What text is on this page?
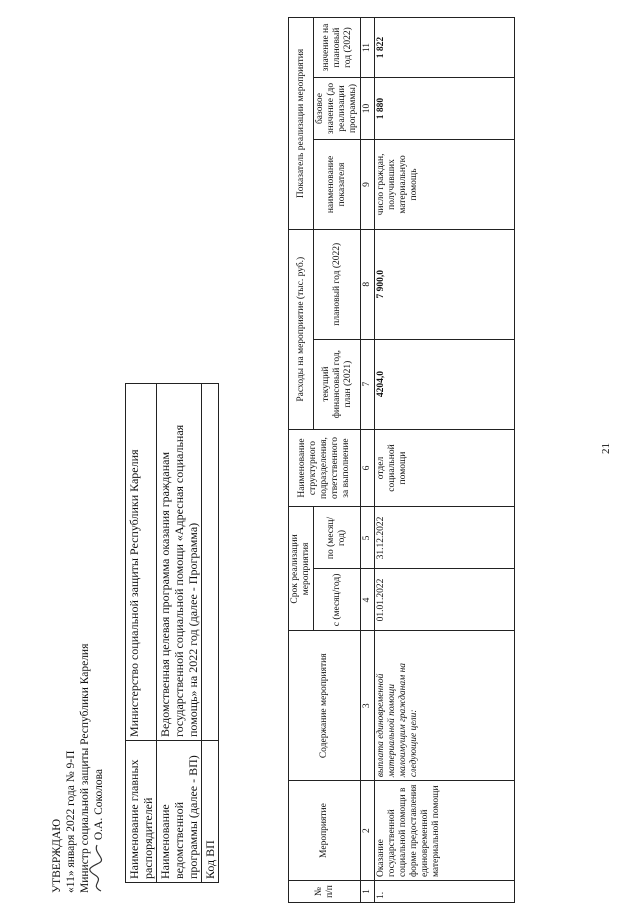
УТВЕРЖДАЮ «11» января 2022 года № 9-П Министр социальной защиты Республики Карелия О.А. Соколова Наименование главных распорядителей	Министерство социальной защиты Республики Карелия
Наименование ведомственной программы (далее - ВП)	Ведомственная целевая программа оказания гражданам государственной социальной помощи «Адресная социальная помощь» на 2022 год (далее - Программа)
Код ВП	
№ п/п	Мероприятие	Содержание мероприятия	Срок реализации мероприятия		Наименование структурного подразделения, ответственного за выполнение	Расходы на мероприятие (тыс. руб.)		Показатель реализации мероприятия		
			с (месяц/год)	по (месяц/год)		текущий финансовый год, план (2021)	плановый год (2022)	наименование показателя	базовое значение (до реализации программы)	значение на плановый год (2022)
1	2	3	4	5	6	7	8	9	10	11
1.	Оказание государственной социальной помощи в форме предоставления единовременной материальной помощи	выплата единовременной материальной помощи малоимущим гражданам на следующие цели:	01.01.2022	31.12.2022	отдел социальной помощи	4204,0	7 900,0	число граждан, получивших материальную помощь	1 880	1 822
21
